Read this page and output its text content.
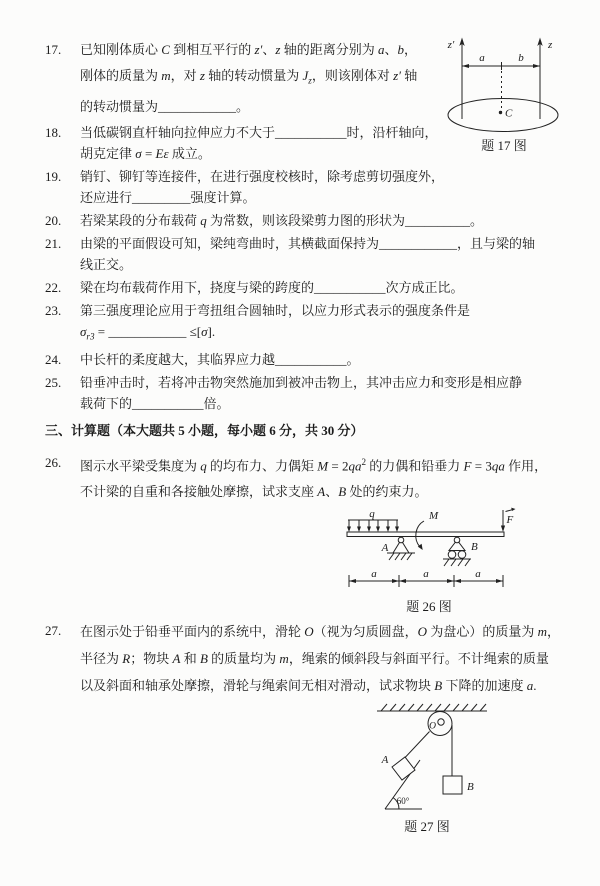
17.	已知刚体质心 C 到相互平行的 z′、z 轴的距离分别为 a、b，
刚体的质量为 m，对 z 轴的转动惯量为 $J_z$，则该刚体对 z′ 轴
的转动惯量为____________。
18.	当低碳钢直杆轴向拉伸应力不大于___________时，沿杆轴向，
胡克定律 σ = Eε 成立。
19.	销钉、铆钉等连接件，在进行强度校核时，除考虑剪切强度外，
还应进行_________强度计算。
20.	若梁某段的分布载荷 q 为常数，则该段梁剪力图的形状为__________。
21.	由梁的平面假设可知，梁纯弯曲时，其横截面保持为____________，且与梁的轴
线正交。
22.	梁在均布载荷作用下，挠度与梁的跨度的___________次方成正比。
23.	第三强度理论应用于弯扭组合圆轴时，以应力形式表示的强度条件是
$\sigma_{r3}$ = ____________ ≤[σ].
24.	中长杆的柔度越大，其临界应力越___________。
25.	铅垂冲击时，若将冲击物突然施加到被冲击物上，其冲击应力和变形是相应静
载荷下的___________倍。
三、计算题（本大题共 5 小题，每小题 6 分，共 30 分）
26.	图示水平梁受集度为 q 的均布力、力偶矩 $M = 2qa^2$ 的力偶和铅垂力 F = 3qa 作用，
不计梁的自重和各接触处摩擦，试求支座 A、B 处的约束力。
q	M
A	B
F
a	a	a
题 26 图
27.	在图示处于铅垂平面内的系统中，滑轮 O（视为匀质圆盘，O 为盘心）的质量为 m，
半径为 R；物块 A 和 B 的质量均为 m，绳索的倾斜段与斜面平行。不计绳索的质量
以及斜面和轴承处摩擦，滑轮与绳索间无相对滑动，试求物块 B 下降的加速度 a.
O
60°
A
B
题 27 图
z′	z
a	b
C
题 17 图
